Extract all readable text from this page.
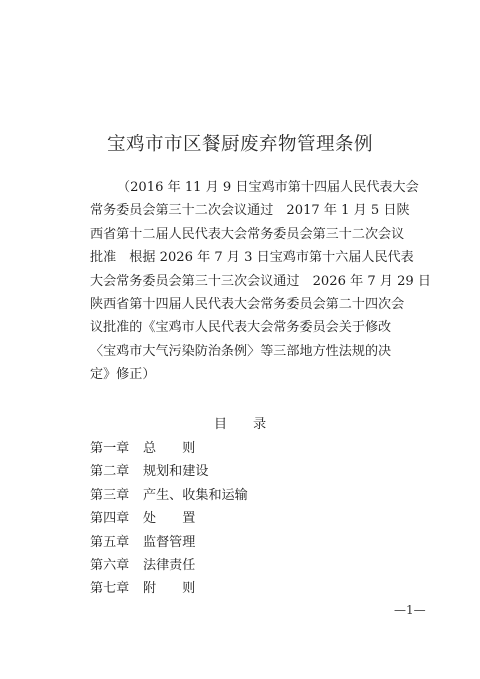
宝鸡市市区餐厨废弃物管理条例
（2016 年 11 月 9 日宝鸡市第十四届人民代表大会
常务委员会第三十二次会议通过　2017 年 1 月 5 日陕
西省第十二届人民代表大会常务委员会第三十二次会议
批准　根据 2026 年 7 月 3 日宝鸡市第十六届人民代表
大会常务委员会第三十三次会议通过　2026 年 7 月 29 日
陕西省第十四届人民代表大会常务委员会第二十四次会
议批准的《宝鸡市人民代表大会常务委员会关于修改
〈宝鸡市大气污染防治条例〉等三部地方性法规的决
定》修正）
目 录
第一章 总　　则
第二章 规划和建设
第三章 产生、收集和运输
第四章 处　　置
第五章 监督管理
第六章 法律责任
第七章 附　　则
—1—
